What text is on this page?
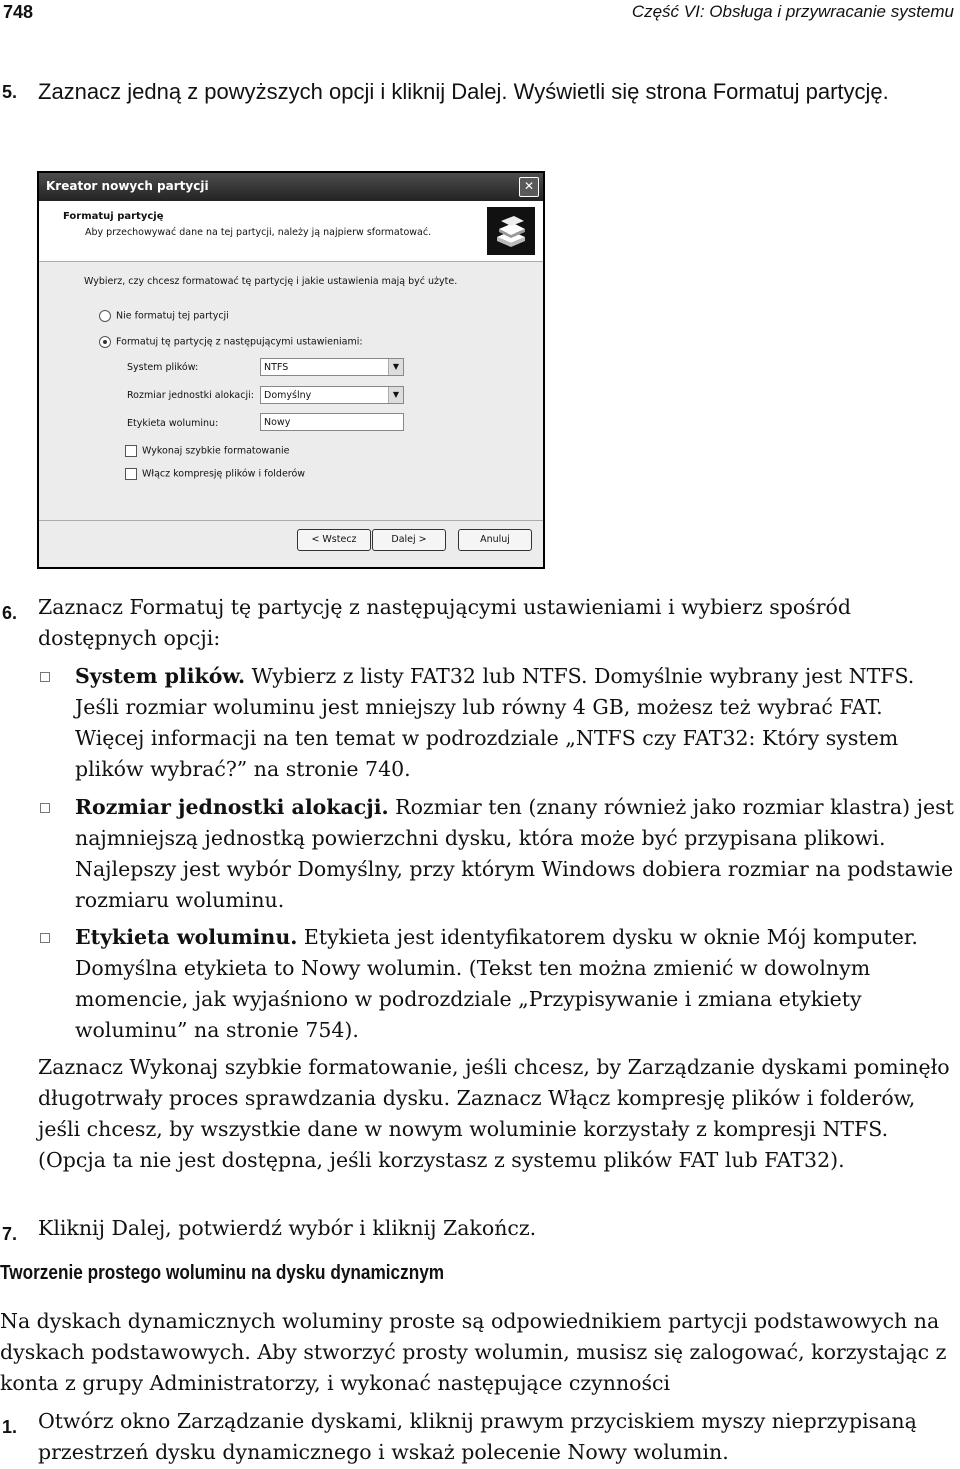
748	Część VI: Obsługa i przywracanie systemu
5. Zaznacz jedną z powyższych opcji i kliknij Dalej. Wyświetli się strona Formatuj partycję.
Kreator nowych partycji	✕
Formatuj partycję
Aby przechowywać dane na tej partycji, należy ją najpierw sformatować.
Wybierz, czy chcesz formatować tę partycję i jakie ustawienia mają być użyte.
Nie formatuj tej partycji
Formatuj tę partycję z następującymi ustawieniami:
System plików:	NTFS	▼
Rozmiar jednostki alokacji:	Domyślny	▼
Etykieta woluminu:	Nowy
Wykonaj szybkie formatowanie
Włącz kompresję plików i folderów
< Wstecz	Dalej >	Anuluj
6. Zaznacz Formatuj tę partycję z następującymi ustawieniami i wybierz spośród dostępnych opcji:
System plików. Wybierz z listy FAT32 lub NTFS. Domyślnie wybrany jest NTFS. Jeśli rozmiar woluminu jest mniejszy lub równy 4 GB, możesz też wybrać FAT. Więcej informacji na ten temat w podrozdziale „NTFS czy FAT32: Który system plików wybrać?” na stronie 740.
Rozmiar jednostki alokacji. Rozmiar ten (znany również jako rozmiar klastra) jest najmniejszą jednostką powierzchni dysku, która może być przypisana plikowi. Najlepszy jest wybór Domyślny, przy którym Windows dobiera rozmiar na podstawie rozmiaru woluminu.
Etykieta woluminu. Etykieta jest identyfikatorem dysku w oknie Mój komputer. Domyślna etykieta to Nowy wolumin. (Tekst ten można zmienić w dowolnym momencie, jak wyjaśniono w podrozdziale „Przypisywanie i zmiana etykiety woluminu” na stronie 754).
Zaznacz Wykonaj szybkie formatowanie, jeśli chcesz, by Zarządzanie dyskami pominęło długotrwały proces sprawdzania dysku. Zaznacz Włącz kompresję plików i folderów, jeśli chcesz, by wszystkie dane w nowym woluminie korzystały z kompresji NTFS. (Opcja ta nie jest dostępna, jeśli korzystasz z systemu plików FAT lub FAT32).
7. Kliknij Dalej, potwierdź wybór i kliknij Zakończ.
Tworzenie prostego woluminu na dysku dynamicznym
Na dyskach dynamicznych woluminy proste są odpowiednikiem partycji podstawowych na dyskach podstawowych. Aby stworzyć prosty wolumin, musisz się zalogować, korzystając z konta z grupy Administratorzy, i wykonać następujące czynności
1. Otwórz okno Zarządzanie dyskami, kliknij prawym przyciskiem myszy nieprzypisaną przestrzeń dysku dynamicznego i wskaż polecenie Nowy wolumin.
